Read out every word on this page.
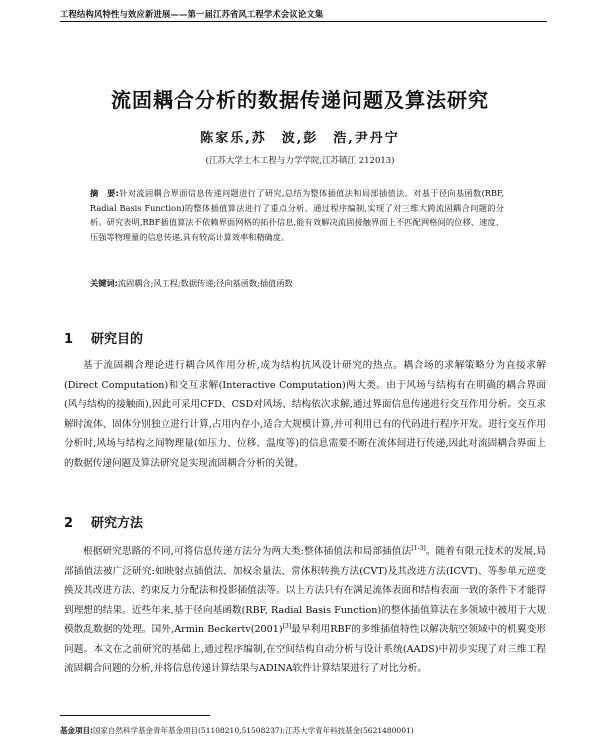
工程结构风特性与效应新进展——第一届江苏省风工程学术会议论文集
流固耦合分析的数据传递问题及算法研究
陈家乐,苏　波,彭　浩,尹丹宁
(江苏大学土木工程与力学学院,江苏镇江 212013)
摘　要:针对流固耦合界面信息传递问题进行了研究,总结为整体插值法和局部插值法。对基于径向基函数(RBF, Radial Basis Function)的整体插值算法进行了重点分析。通过程序编制,实现了对三维大跨流固耦合问题的分析。研究表明,RBF插值算法不依赖界面网格的拓扑信息,能有效解决流固接触界面上不匹配网格间的位移、速度、压强等物理量的信息传递,具有较高计算效率和精确度。
关键词:流固耦合;风工程;数据传递;径向基函数;插值函数
1 研究目的
基于流固耦合理论进行耦合风作用分析,成为结构抗风设计研究的热点。耦合场的求解策略分为直接求解(Direct Computation)和交互求解(Interactive Computation)两大类。由于风场与结构有在明确的耦合界面(风与结构的接触面),因此可采用CFD、CSD对风场、结构依次求解,通过界面信息传递进行交互作用分析。交互求解时流体、固体分别独立进行计算,占用内存小,适合大规模计算,并可利用已有的代码进行程序开发。进行交互作用分析时,风场与结构之间物理量(如压力、位移、温度等)的信息需要不断在流体间进行传递,因此对流固耦合界面上的数据传递问题及算法研究是实现流固耦合分析的关键。
2 研究方法
根据研究思路的不同,可将信息传递方法分为两大类:整体插值法和局部插值法[1-3]。随着有限元技术的发展,局部插值法被广泛研究:如映射点插值法、加权余量法、常体积转换方法(CVT)及其改进方法(ICVT)、等参单元逆变换及其改进方法、约束反力分配法和投影插值法等。以上方法只有在满足流体表面和结构表面一致的条件下才能得到理想的结果。近些年来,基于径向基函数(RBF, Radial Basis Function)的整体插值算法在多领域中被用于大规模散乱数据的处理。国外,Armin Beckertv(2001)[3]最早利用RBF的多维插值特性以解决航空领域中的机翼变形问题。本文在之前研究的基础上,通过程序编制,在空间结构自动分析与设计系统(AADS)中初步实现了对三维工程流固耦合问题的分析,并将信息传递计算结果与ADINA软件计算结果进行了对比分析。
基金项目:国家自然科学基金青年基金项目(51108210,51508237);江苏大学青年科技基金(5621480001)
